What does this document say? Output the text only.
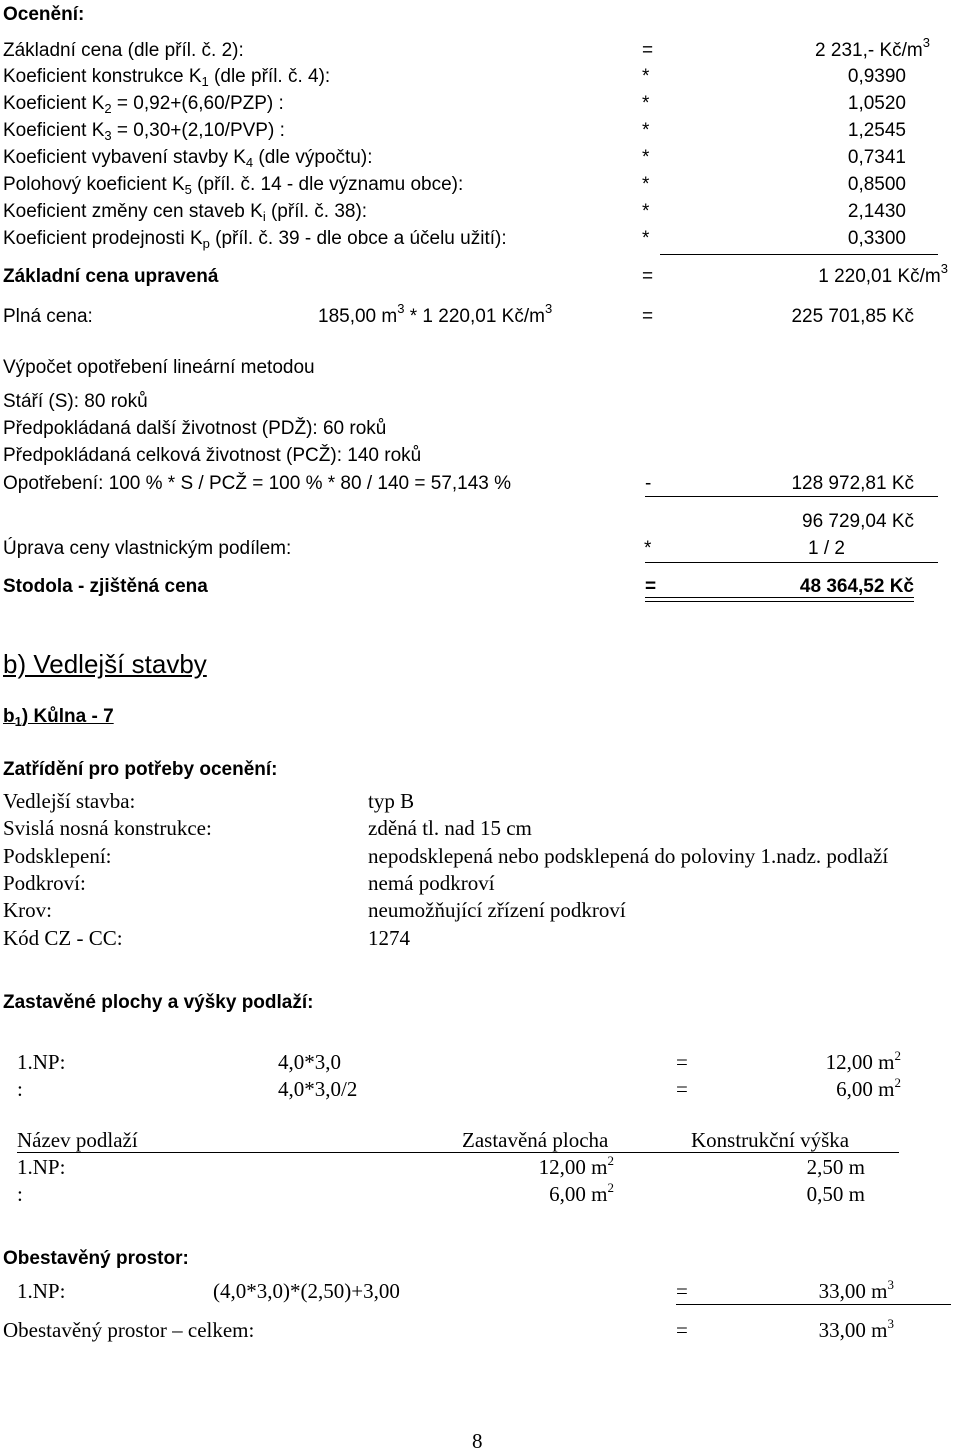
Ocenění:
Základní cena (dle příl. č. 2):	=	2 231,- $Kč/m^3$
Koeficient konstrukce $K_1$ (dle příl. č. 4):	*	0,9390
Koeficient $K_2 = 0,92+(6,60/PZP)$ :	*	1,0520
Koeficient $K_3 = 0,30+(2,10/PVP)$ :	*	1,2545
Koeficient vybavení stavby $K_4$ (dle výpočtu):	*	0,7341
Polohový koeficient $K_5$ (příl. č. 14 - dle významu obce):	*	0,8500
Koeficient změny cen staveb $K_i$ (příl. č. 38):	*	2,1430
Koeficient prodejnosti $K_p$ (příl. č. 39 - dle obce a účelu užití):	*	0,3300
Základní cena upravená	=	1 220,01 $Kč/m^3$
Plná cena:	185,00 $m^3 * 1$ 220,01 $Kč/m^3$	=	225 701,85 Kč
Výpočet opotřebení lineární metodou
Stáří (S): 80 roků
Předpokládaná další životnost (PDŽ): 60 roků
Předpokládaná celková životnost (PCŽ): 140 roků
Opotřebení: 100 % * S / PCŽ = 100 % * 80 / 140 = 57,143 %	-	128 972,81 Kč
96 729,04 Kč
Úprava ceny vlastnickým podílem:	*	1 / 2
Stodola - zjištěná cena	=	48 364,52 Kč
b) Vedlejší stavby
$b_1$) Kůlna - 7
Zatřídění pro potřeby ocenění:
Vedlejší stavba:	typ B
Svislá nosná konstrukce:	zděná tl. nad 15 cm
Podsklepení:	nepodsklepená nebo podsklepená do poloviny 1.nadz. podlaží
Podkroví:	nemá podkroví
Krov:	neumožňující zřízení podkroví
Kód CZ - CC:	1274
Zastavěné plochy a výšky podlaží:
1.NP:	4,0*3,0	=	12,00 $m^2$
:	4,0*3,0/2	=	6,00 $m^2$
Název podlaží	Zastavěná plocha	Konstrukční výška
1.NP:	12,00 $m^2$	2,50 m
:	6,00 $m^2$	0,50 m
Obestavěný prostor:
1.NP:	(4,0*3,0)*(2,50)+3,00	=	33,00 $m^3$
Obestavěný prostor – celkem:	=	33,00 $m^3$
8
